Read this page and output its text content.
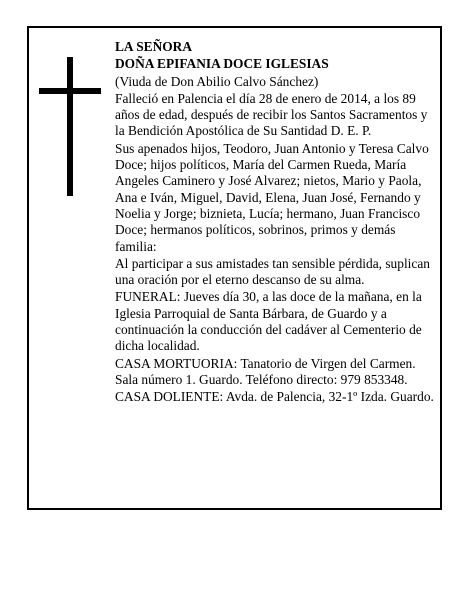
LA SEÑORA

DOÑA EPIFANIA DOCE IGLESIAS

(Viuda de Don Abilio Calvo Sánchez)

Falleció en Palencia el día 28 de enero de 2014, a los 89 años de edad, después de recibir los Santos Sacramentos y la Bendición Apostólica de Su Santidad D. E. P.

Sus apenados hijos, Teodoro, Juan Antonio y Teresa Calvo Doce; hijos políticos, María del Carmen Rueda, María Angeles Caminero y José Alvarez; nietos, Mario y Paola, Ana e Iván, Miguel, David, Elena, Juan José, Fernando y Noelia y Jorge; biznieta, Lucía; hermano, Juan Francisco Doce; hermanos políticos, sobrinos, primos y demás familia:

Al participar a sus amistades tan sensible pérdida, suplican una oración por el eterno descanso de su alma.

FUNERAL: Jueves día 30, a las doce de la mañana, en la Iglesia Parroquial de Santa Bárbara, de Guardo y a continuación la conducción del cadáver al Cementerio de dicha localidad.

CASA MORTUORIA: Tanatorio de Virgen del Carmen. Sala número 1. Guardo. Teléfono directo: 979 853348.

CASA DOLIENTE: Avda. de Palencia, 32-1º Izda. Guardo.
